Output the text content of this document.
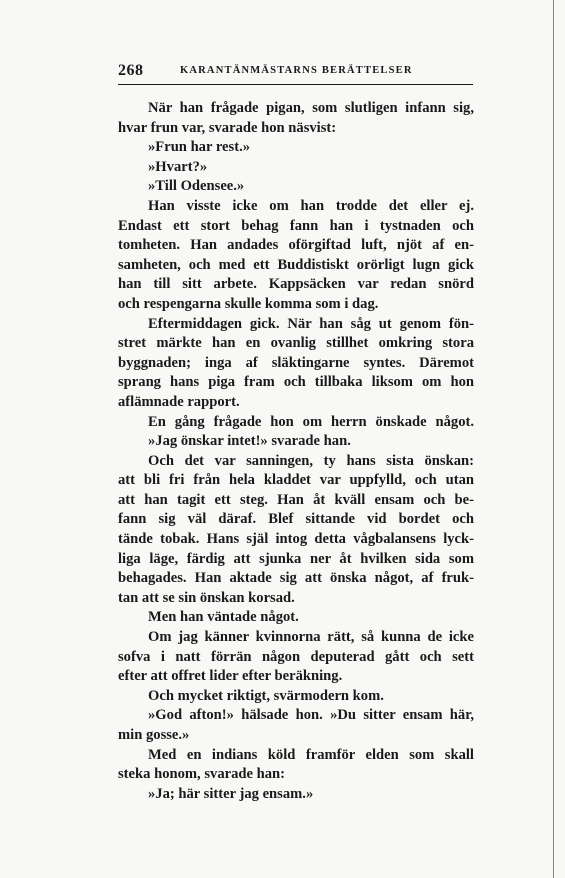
268	KARANTÄNMÄSTARNS BERÄTTELSER
När han frågade pigan, som slutligen infann sig,
hvar frun var, svarade hon näsvist:
»Frun har rest.»
»Hvart?»
»Till Odensee.»
Han visste icke om han trodde det eller ej.
Endast ett stort behag fann han i tystnaden och
tomheten. Han andades oförgiftad luft, njöt af en-
samheten, och med ett Buddistiskt orörligt lugn gick
han till sitt arbete. Kappsäcken var redan snörd
och respengarna skulle komma som i dag.
Eftermiddagen gick. När han såg ut genom fön-
stret märkte han en ovanlig stillhet omkring stora
byggnaden; inga af släktingarne syntes. Däremot
sprang hans piga fram och tillbaka liksom om hon
aflämnade rapport.
En gång frågade hon om herrn önskade något.
»Jag önskar intet!» svarade han.
Och det var sanningen, ty hans sista önskan:
att bli fri från hela kladdet var uppfylld, och utan
att han tagit ett steg. Han åt kväll ensam och be-
fann sig väl däraf. Blef sittande vid bordet och
tände tobak. Hans själ intog detta vågbalansens lyck-
liga läge, färdig att sjunka ner åt hvilken sida som
behagades. Han aktade sig att önska något, af fruk-
tan att se sin önskan korsad.
Men han väntade något.
Om jag känner kvinnorna rätt, så kunna de icke
sofva i natt förrän någon deputerad gått och sett
efter att offret lider efter beräkning.
Och mycket riktigt, svärmodern kom.
»God afton!» hälsade hon. »Du sitter ensam här,
min gosse.»
Med en indians köld framför elden som skall
steka honom, svarade han:
»Ja; här sitter jag ensam.»
